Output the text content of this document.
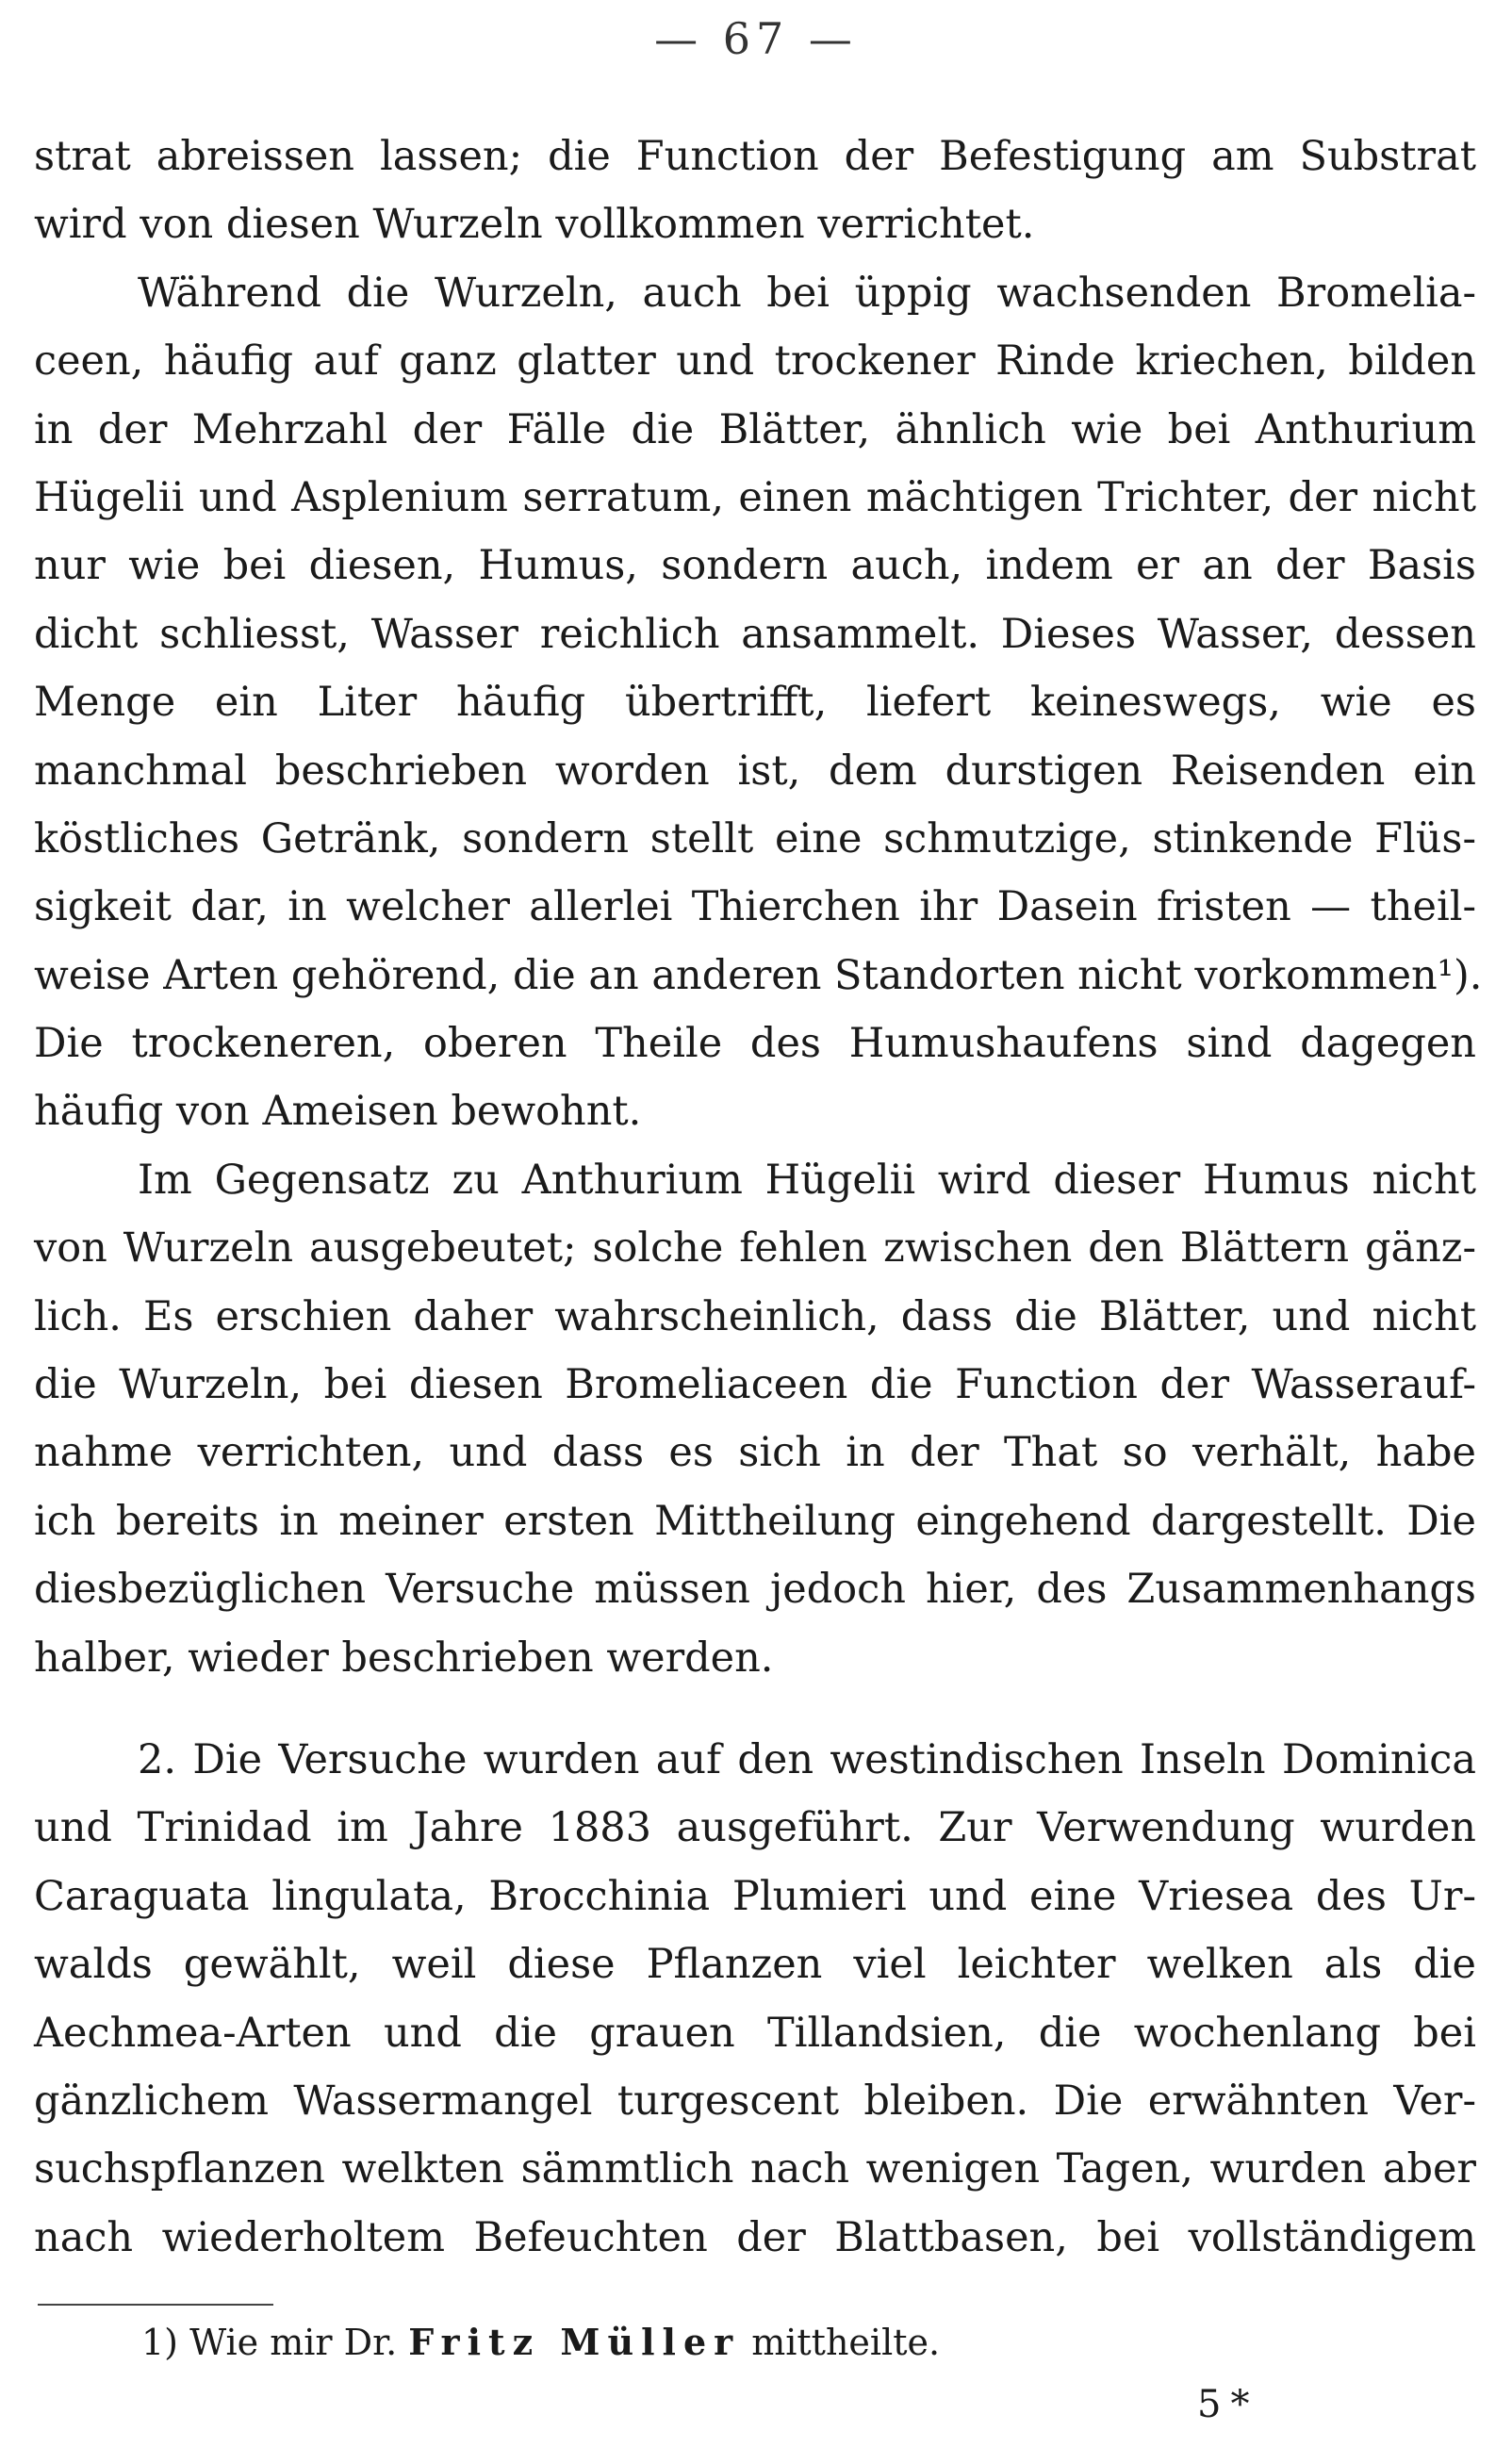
— 67 —
strat abreissen lassen; die Function der Befestigung am Substrat
wird von diesen Wurzeln vollkommen verrichtet.
Während die Wurzeln, auch bei üppig wachsenden Bromelia-
ceen, häufig auf ganz glatter und trockener Rinde kriechen, bilden
in der Mehrzahl der Fälle die Blätter, ähnlich wie bei Anthurium
Hügelii und Asplenium serratum, einen mächtigen Trichter, der nicht
nur wie bei diesen, Humus, sondern auch, indem er an der Basis
dicht schliesst, Wasser reichlich ansammelt. Dieses Wasser, dessen
Menge ein Liter häufig übertrifft, liefert keineswegs, wie es
manchmal beschrieben worden ist, dem durstigen Reisenden ein
köstliches Getränk, sondern stellt eine schmutzige, stinkende Flüs-
sigkeit dar, in welcher allerlei Thierchen ihr Dasein fristen — theil-
weise Arten gehörend, die an anderen Standorten nicht vorkommen¹).
Die trockeneren, oberen Theile des Humushaufens sind dagegen
häufig von Ameisen bewohnt.
Im Gegensatz zu Anthurium Hügelii wird dieser Humus nicht
von Wurzeln ausgebeutet; solche fehlen zwischen den Blättern gänz-
lich. Es erschien daher wahrscheinlich, dass die Blätter, und nicht
die Wurzeln, bei diesen Bromeliaceen die Function der Wasserauf-
nahme verrichten, und dass es sich in der That so verhält, habe
ich bereits in meiner ersten Mittheilung eingehend dargestellt. Die
diesbezüglichen Versuche müssen jedoch hier, des Zusammenhangs
halber, wieder beschrieben werden.
2. Die Versuche wurden auf den westindischen Inseln Dominica
und Trinidad im Jahre 1883 ausgeführt. Zur Verwendung wurden
Caraguata lingulata, Brocchinia Plumieri und eine Vriesea des Ur-
walds gewählt, weil diese Pflanzen viel leichter welken als die
Aechmea-Arten und die grauen Tillandsien, die wochenlang bei
gänzlichem Wassermangel turgescent bleiben. Die erwähnten Ver-
suchspflanzen welkten sämmtlich nach wenigen Tagen, wurden aber
nach wiederholtem Befeuchten der Blattbasen, bei vollständigem
1) Wie mir Dr. Fritz Müller mittheilte.
5*
